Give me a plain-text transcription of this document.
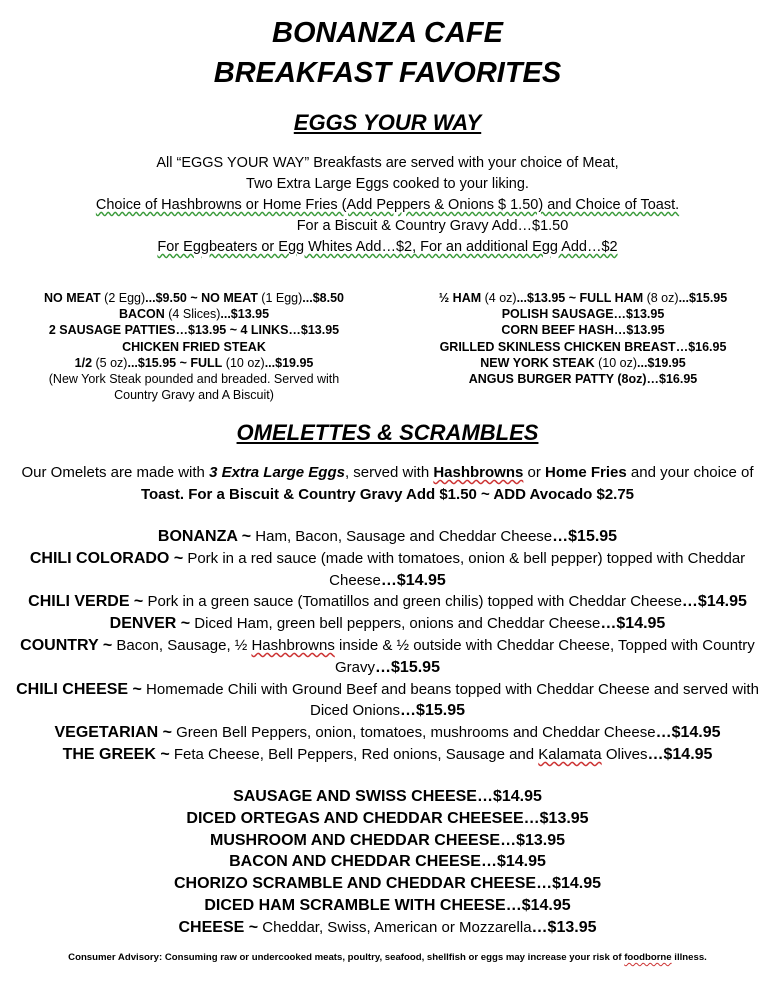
BONANZA CAFE
BREAKFAST FAVORITES
EGGS YOUR WAY
All “EGGS YOUR WAY” Breakfasts are served with your choice of Meat,
Two Extra Large Eggs cooked to your liking.
Choice of Hashbrowns or Home Fries (Add Peppers & Onions $ 1.50) and Choice of Toast.
For a Biscuit & Country Gravy Add…$1.50
For Eggbeaters or Egg Whites Add…$2, For an additional Egg Add…$2
NO MEAT (2 Egg)...$9.50 ~ NO MEAT (1 Egg)...$8.50
BACON (4 Slices)...$13.95
2 SAUSAGE PATTIES…$13.95 ~ 4 LINKS…$13.95
CHICKEN FRIED STEAK
1/2 (5 oz)...$15.95 ~ FULL (10 oz)...$19.95
(New York Steak pounded and breaded. Served with
Country Gravy and A Biscuit)
½ HAM (4 oz)...$13.95 ~ FULL HAM (8 oz)...$15.95
POLISH SAUSAGE…$13.95
CORN BEEF HASH…$13.95
GRILLED SKINLESS CHICKEN BREAST…$16.95
NEW YORK STEAK (10 oz)...$19.95
ANGUS BURGER PATTY (8oz)…$16.95
OMELETTES & SCRAMBLES
Our Omelets are made with 3 Extra Large Eggs, served with Hashbrowns or Home Fries and your choice of Toast. For a Biscuit & Country Gravy Add $1.50 ~ ADD Avocado $2.75

BONANZA ~ Ham, Bacon, Sausage and Cheddar Cheese…$15.95

CHILI COLORADO ~ Pork in a red sauce (made with tomatoes, onion & bell pepper) topped with Cheddar Cheese…$14.95

CHILI VERDE ~ Pork in a green sauce (Tomatillos and green chilis) topped with Cheddar Cheese…$14.95

DENVER ~ Diced Ham, green bell peppers, onions and Cheddar Cheese…$14.95

COUNTRY ~ Bacon, Sausage, ½ Hashbrowns inside & ½ outside with Cheddar Cheese, Topped with Country Gravy…$15.95

CHILI CHEESE ~ Homemade Chili with Ground Beef and beans topped with Cheddar Cheese and served with Diced Onions…$15.95

VEGETARIAN ~ Green Bell Peppers, onion, tomatoes, mushrooms and Cheddar Cheese…$14.95

THE GREEK ~ Feta Cheese, Bell Peppers, Red onions, Sausage and Kalamata Olives…$14.95

SAUSAGE AND SWISS CHEESE…$14.95

DICED ORTEGAS AND CHEDDAR CHEESEE…$13.95

MUSHROOM AND CHEDDAR CHEESE…$13.95

BACON AND CHEDDAR CHEESE…$14.95

CHORIZO SCRAMBLE AND CHEDDAR CHEESE…$14.95

DICED HAM SCRAMBLE WITH CHEESE…$14.95

CHEESE ~ Cheddar, Swiss, American or Mozzarella…$13.95

Consumer Advisory: Consuming raw or undercooked meats, poultry, seafood, shellfish or eggs may increase your risk of foodborne illness.
